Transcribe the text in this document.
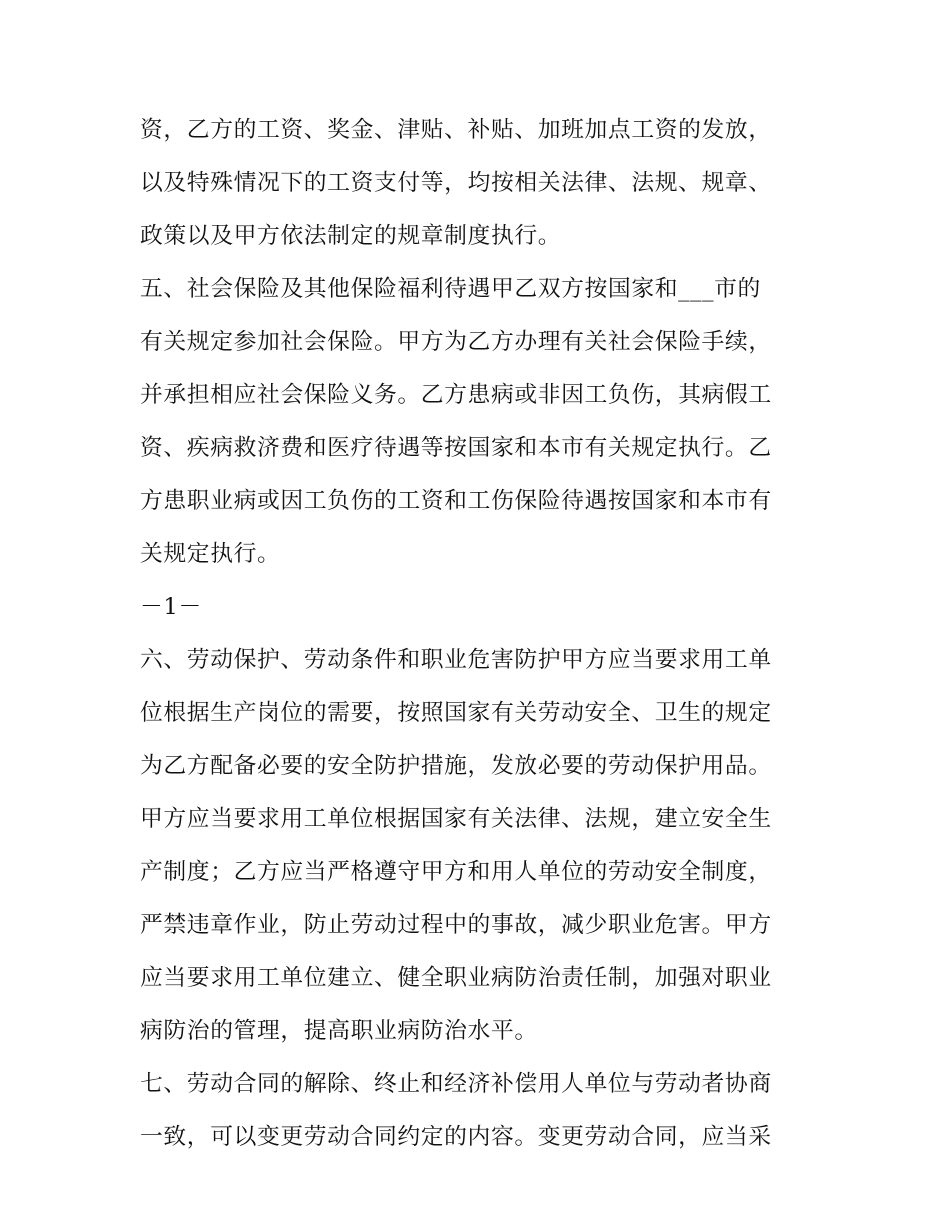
资，乙方的工资、奖金、津贴、补贴、加班加点工资的发放，
以及特殊情况下的工资支付等，均按相关法律、法规、规章、
政策以及甲方依法制定的规章制度执行。
五、社会保险及其他保险福利待遇甲乙双方按国家和___市的
有关规定参加社会保险。甲方为乙方办理有关社会保险手续，
并承担相应社会保险义务。乙方患病或非因工负伤，其病假工
资、疾病救济费和医疗待遇等按国家和本市有关规定执行。乙
方患职业病或因工负伤的工资和工伤保险待遇按国家和本市有
关规定执行。
－1－
六、劳动保护、劳动条件和职业危害防护甲方应当要求用工单
位根据生产岗位的需要，按照国家有关劳动安全、卫生的规定
为乙方配备必要的安全防护措施，发放必要的劳动保护用品。
甲方应当要求用工单位根据国家有关法律、法规，建立安全生
产制度；乙方应当严格遵守甲方和用人单位的劳动安全制度，
严禁违章作业，防止劳动过程中的事故，减少职业危害。甲方
应当要求用工单位建立、健全职业病防治责任制，加强对职业
病防治的管理，提高职业病防治水平。
七、劳动合同的解除、终止和经济补偿用人单位与劳动者协商
一致，可以变更劳动合同约定的内容。变更劳动合同，应当采
